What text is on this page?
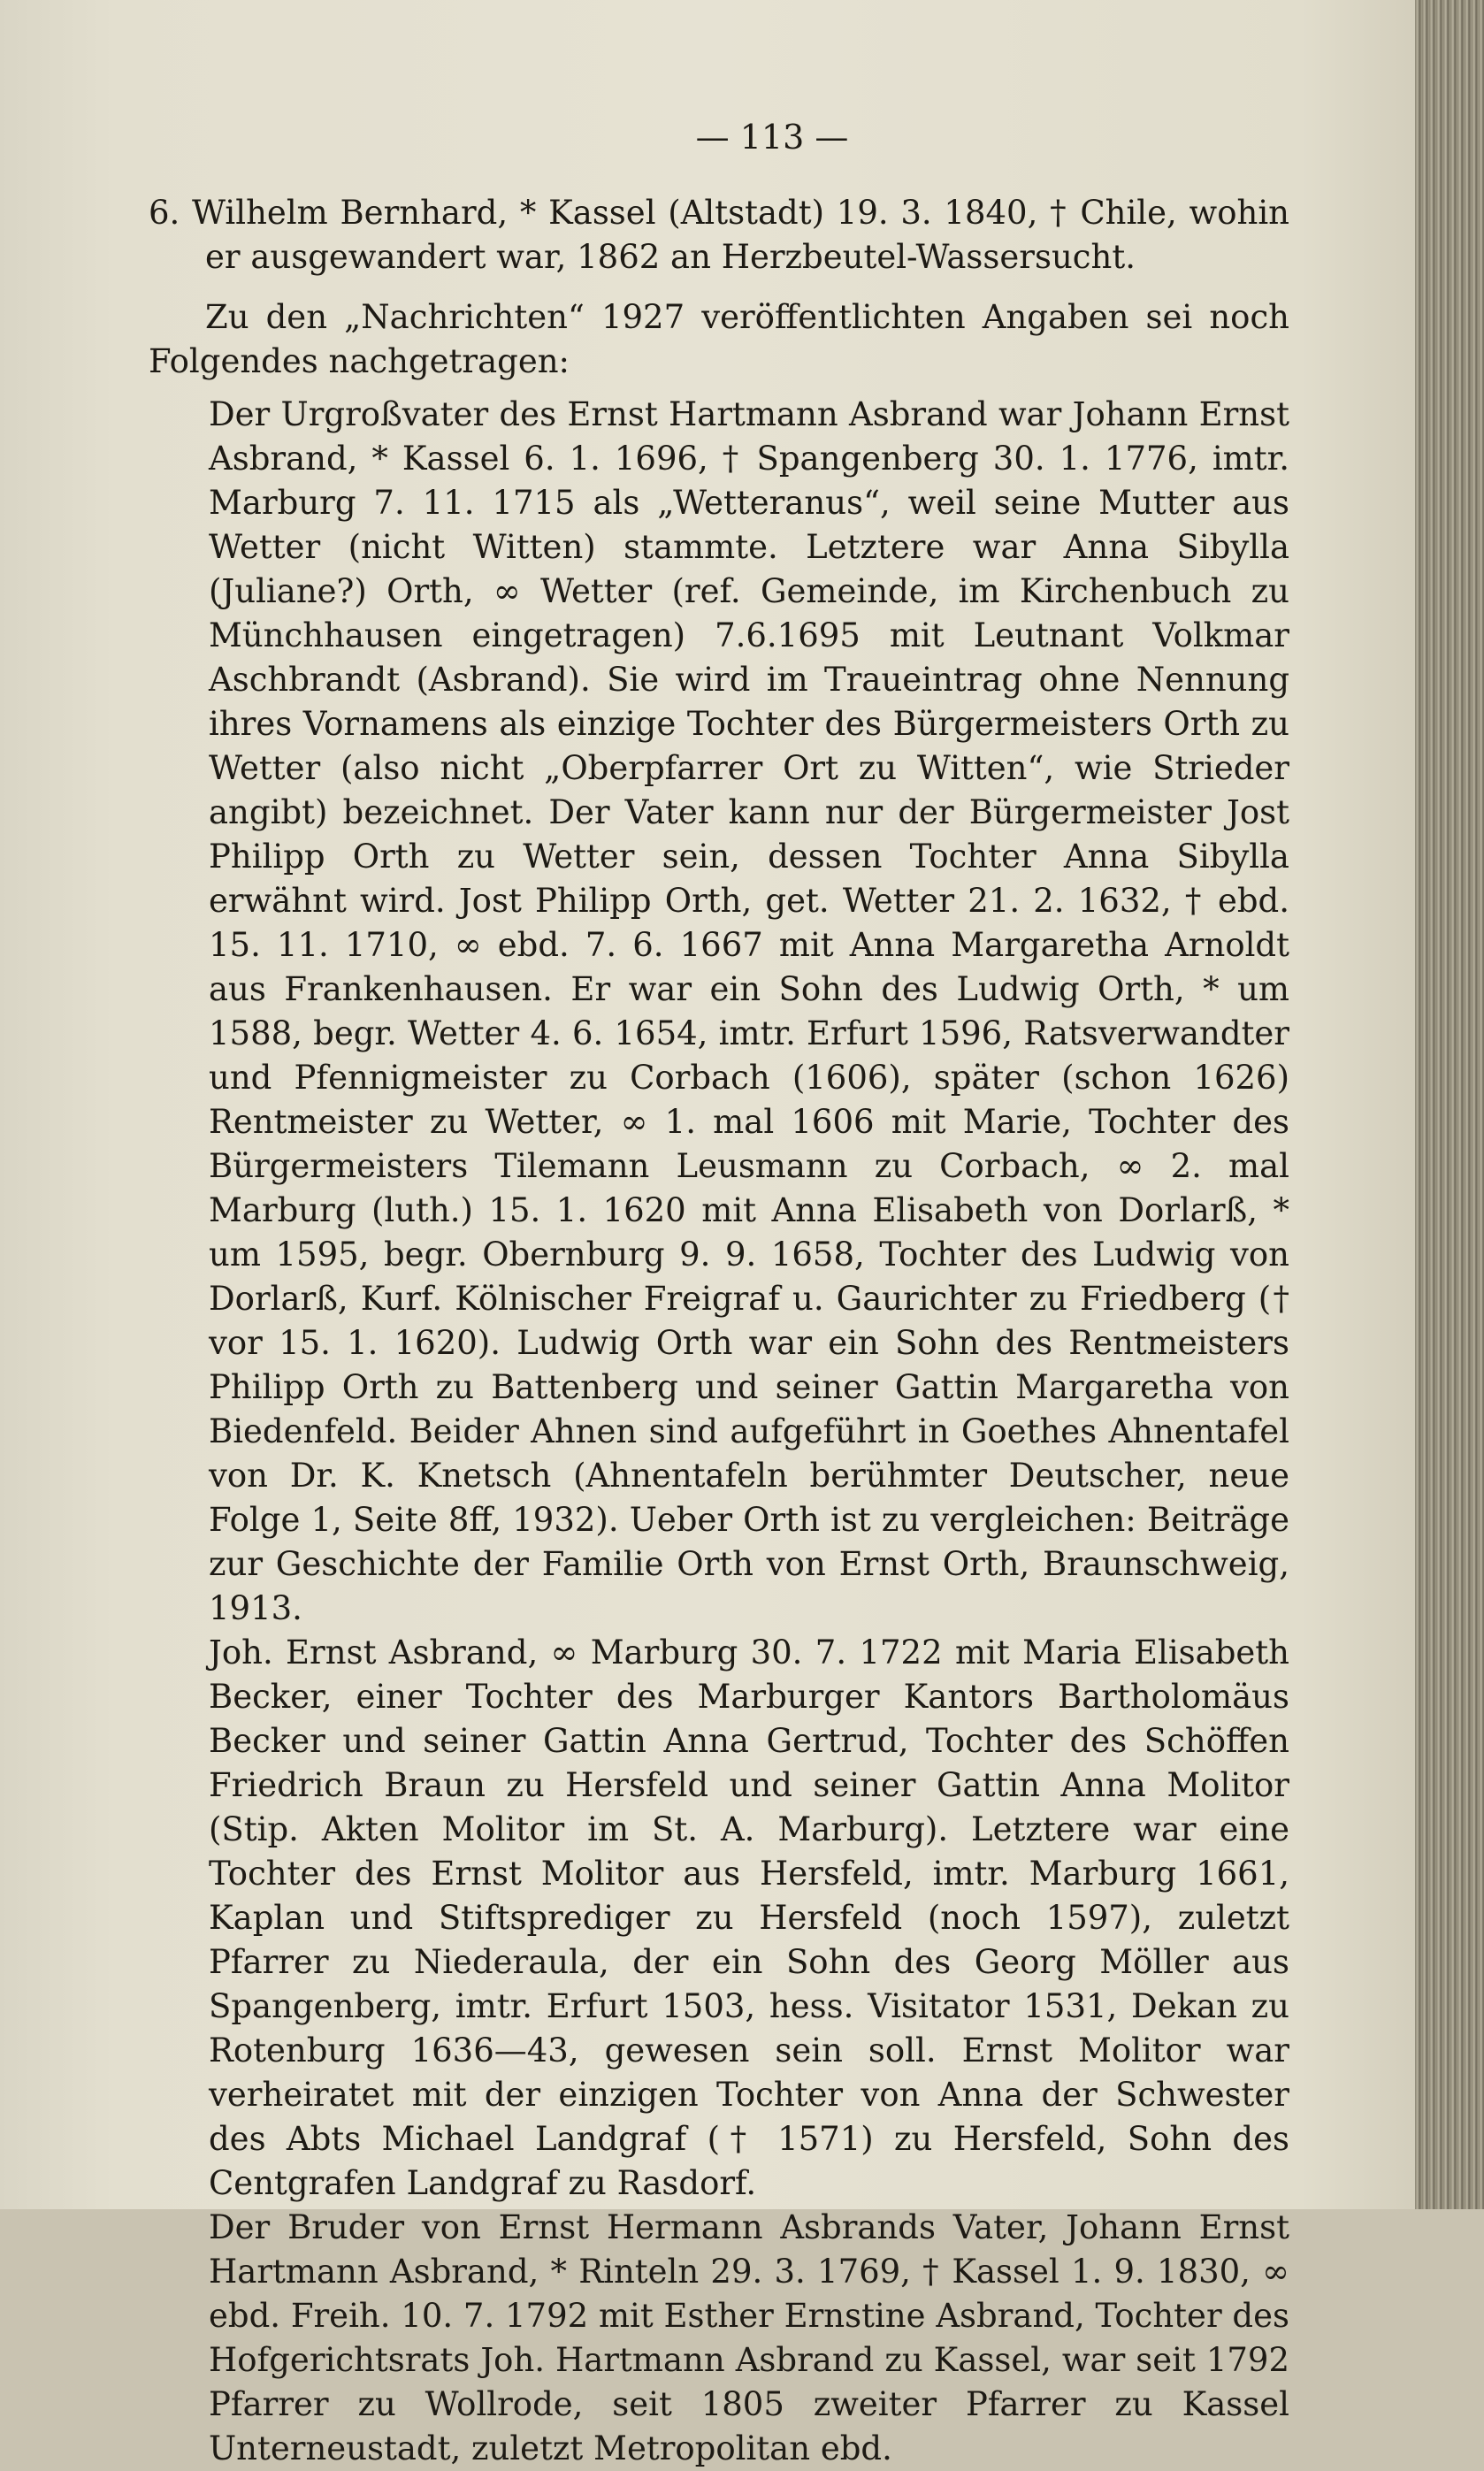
— 113 —

6. Wilhelm Bernhard, * Kassel (Altstadt) 19. 3. 1840, † Chile, wohin er ausgewandert war, 1862 an Herzbeutel-Wassersucht.

Zu den „Nachrichten“ 1927 veröffentlichten Angaben sei noch Folgendes nachgetragen:

Der Urgroßvater des Ernst Hartmann Asbrand war Johann Ernst Asbrand, * Kassel 6. 1. 1696, † Spangenberg 30. 1. 1776, imtr. Marburg 7. 11. 1715 als „Wetteranus“, weil seine Mutter aus Wetter (nicht Witten) stammte. Letztere war Anna Sibylla (Juliane?) Orth, ∞ Wetter (ref. Gemeinde, im Kirchenbuch zu Münchhausen eingetragen) 7.6.1695 mit Leutnant Volkmar Aschbrandt (Asbrand). Sie wird im Traueintrag ohne Nennung ihres Vornamens als einzige Tochter des Bürgermeisters Orth zu Wetter (also nicht „Oberpfarrer Ort zu Witten“, wie Strieder angibt) bezeichnet. Der Vater kann nur der Bürgermeister Jost Philipp Orth zu Wetter sein, dessen Tochter Anna Sibylla erwähnt wird. Jost Philipp Orth, get. Wetter 21. 2. 1632, † ebd. 15. 11. 1710, ∞ ebd. 7. 6. 1667 mit Anna Margaretha Arnoldt aus Frankenhausen. Er war ein Sohn des Ludwig Orth, * um 1588, begr. Wetter 4. 6. 1654, imtr. Erfurt 1596, Ratsverwandter und Pfennigmeister zu Corbach (1606), später (schon 1626) Rentmeister zu Wetter, ∞ 1. mal 1606 mit Marie, Tochter des Bürgermeisters Tilemann Leusmann zu Corbach, ∞ 2. mal Marburg (luth.) 15. 1. 1620 mit Anna Elisabeth von Dorlarß, * um 1595, begr. Obernburg 9. 9. 1658, Tochter des Ludwig von Dorlarß, Kurf. Kölnischer Freigraf u. Gaurichter zu Friedberg († vor 15. 1. 1620). Ludwig Orth war ein Sohn des Rentmeisters Philipp Orth zu Battenberg und seiner Gattin Margaretha von Biedenfeld. Beider Ahnen sind aufgeführt in Goethes Ahnentafel von Dr. K. Knetsch (Ahnentafeln berühmter Deutscher, neue Folge 1, Seite 8ff, 1932). Ueber Orth ist zu vergleichen: Beiträge zur Geschichte der Familie Orth von Ernst Orth, Braunschweig, 1913.

Joh. Ernst Asbrand, ∞ Marburg 30. 7. 1722 mit Maria Elisabeth Becker, einer Tochter des Marburger Kantors Bartholomäus Becker und seiner Gattin Anna Gertrud, Tochter des Schöffen Friedrich Braun zu Hersfeld und seiner Gattin Anna Molitor (Stip. Akten Molitor im St. A. Marburg). Letztere war eine Tochter des Ernst Molitor aus Hersfeld, imtr. Marburg 1661, Kaplan und Stiftsprediger zu Hersfeld (noch 1597), zuletzt Pfarrer zu Niederaula, der ein Sohn des Georg Möller aus Spangenberg, imtr. Erfurt 1503, hess. Visitator 1531, Dekan zu Rotenburg 1636—43, gewesen sein soll. Ernst Molitor war verheiratet mit der einzigen Tochter von Anna der Schwester des Abts Michael Landgraf († 1571) zu Hersfeld, Sohn des Centgrafen Landgraf zu Rasdorf.

Der Bruder von Ernst Hermann Asbrands Vater, Johann Ernst Hartmann Asbrand, * Rinteln 29. 3. 1769, † Kassel 1. 9. 1830, ∞ ebd. Freih. 10. 7. 1792 mit Esther Ernstine Asbrand, Tochter des Hofgerichtsrats Joh. Hartmann Asbrand zu Kassel, war seit 1792 Pfarrer zu Wollrode, seit 1805 zweiter Pfarrer zu Kassel Unterneustadt, zuletzt Metropolitan ebd.
